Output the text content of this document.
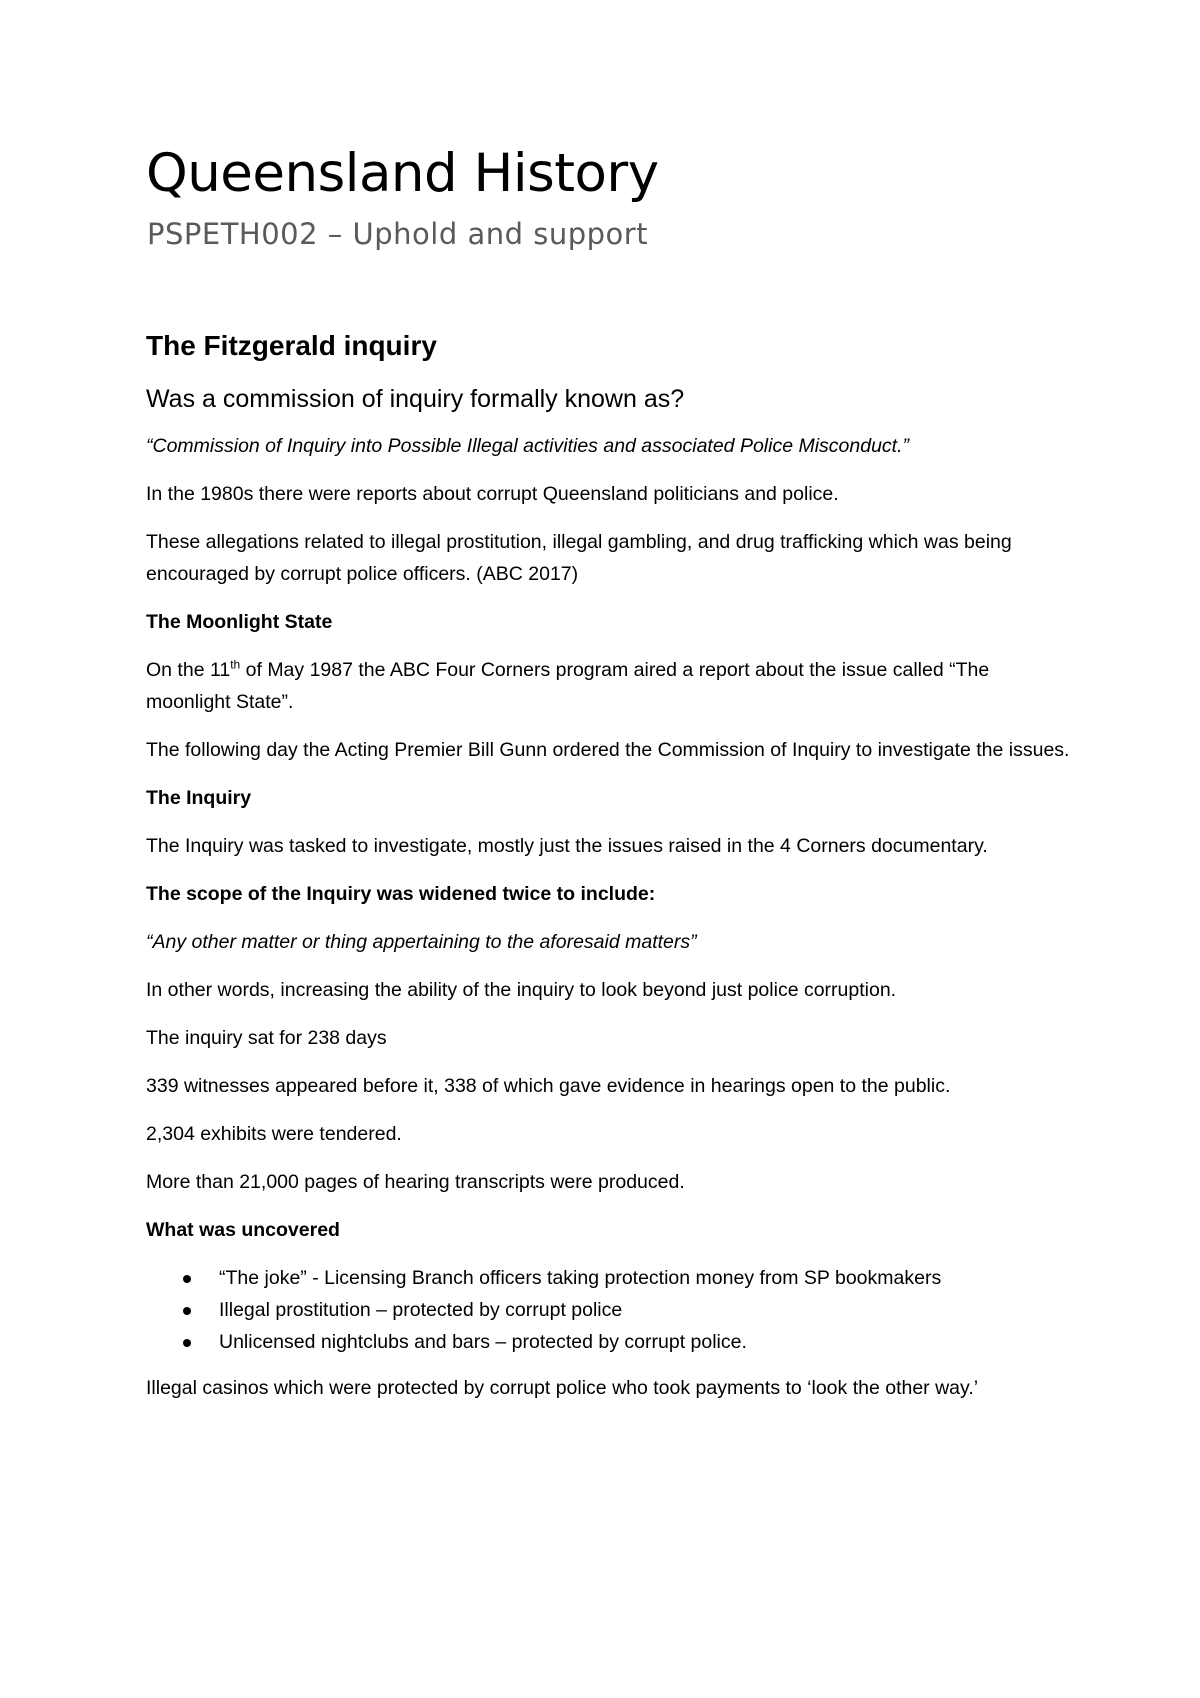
Queensland History
PSPETH002 – Uphold and support
The Fitzgerald inquiry
Was a commission of inquiry formally known as?

“Commission of Inquiry into Possible Illegal activities and associated Police Misconduct.”

In the 1980s there were reports about corrupt Queensland politicians and police.

These allegations related to illegal prostitution, illegal gambling, and drug trafficking which was being encouraged by corrupt police officers. (ABC 2017)

The Moonlight State

On the 11th of May 1987 the ABC Four Corners program aired a report about the issue called “The moonlight State”.

The following day the Acting Premier Bill Gunn ordered the Commission of Inquiry to investigate the issues.

The Inquiry

The Inquiry was tasked to investigate, mostly just the issues raised in the 4 Corners documentary.

The scope of the Inquiry was widened twice to include:

“Any other matter or thing appertaining to the aforesaid matters”

In other words, increasing the ability of the inquiry to look beyond just police corruption.

The inquiry sat for 238 days

339 witnesses appeared before it, 338 of which gave evidence in hearings open to the public.

2,304 exhibits were tendered.

More than 21,000 pages of hearing transcripts were produced.

What was uncovered

“The joke” - Licensing Branch officers taking protection money from SP bookmakers
Illegal prostitution – protected by corrupt police
Unlicensed nightclubs and bars – protected by corrupt police.

Illegal casinos which were protected by corrupt police who took payments to ‘look the other way.’
